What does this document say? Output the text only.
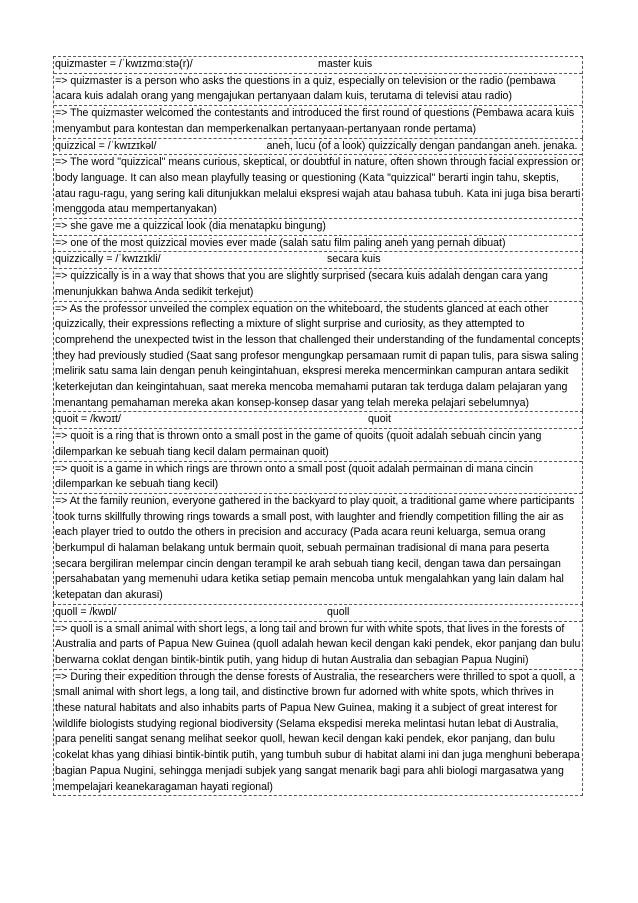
quizmaster = /ˈkwɪzmɑːstə(r)/	master kuis

=> quizmaster is a person who asks the questions in a quiz, especially on television or the radio (pembawa acara kuis adalah orang yang mengajukan pertanyaan dalam kuis, terutama di televisi atau radio)

=> The quizmaster welcomed the contestants and introduced the first round of questions (Pembawa acara kuis menyambut para kontestan dan memperkenalkan pertanyaan-pertanyaan ronde pertama)

quizzical = /ˈkwɪzɪkəl/	aneh, lucu (of a look) quizzically dengan pandangan aneh. jenaka.

=> The word "quizzical" means curious, skeptical, or doubtful in nature, often shown through facial expression or body language. It can also mean playfully teasing or questioning (Kata "quizzical" berarti ingin tahu, skeptis, atau ragu-ragu, yang sering kali ditunjukkan melalui ekspresi wajah atau bahasa tubuh. Kata ini juga bisa berarti menggoda atau mempertanyakan)

=> she gave me a quizzical look (dia menatapku bingung)

=> one of the most quizzical movies ever made (salah satu film paling aneh yang pernah dibuat)

quizzically = /ˈkwɪzɪkli/	secara kuis

=> quizzically is in a way that shows that you are slightly surprised (secara kuis adalah dengan cara yang menunjukkan bahwa Anda sedikit terkejut)

=> As the professor unveiled the complex equation on the whiteboard, the students glanced at each other quizzically, their expressions reflecting a mixture of slight surprise and curiosity, as they attempted to comprehend the unexpected twist in the lesson that challenged their understanding of the fundamental concepts they had previously studied (Saat sang profesor mengungkap persamaan rumit di papan tulis, para siswa saling melirik satu sama lain dengan penuh keingintahuan, ekspresi mereka mencerminkan campuran antara sedikit keterkejutan dan keingintahuan, saat mereka mencoba memahami putaran tak terduga dalam pelajaran yang menantang pemahaman mereka akan konsep-konsep dasar yang telah mereka pelajari sebelumnya)

quoit = /kwɔɪt/	quoit

=> quoit is a ring that is thrown onto a small post in the game of quoits (quoit adalah sebuah cincin yang dilemparkan ke sebuah tiang kecil dalam permainan quoit)

=> quoit is a game in which rings are thrown onto a small post (quoit adalah permainan di mana cincin dilemparkan ke sebuah tiang kecil)

=> At the family reunion, everyone gathered in the backyard to play quoit, a traditional game where participants took turns skillfully throwing rings towards a small post, with laughter and friendly competition filling the air as each player tried to outdo the others in precision and accuracy (Pada acara reuni keluarga, semua orang berkumpul di halaman belakang untuk bermain quoit, sebuah permainan tradisional di mana para peserta secara bergiliran melempar cincin dengan terampil ke arah sebuah tiang kecil, dengan tawa dan persaingan persahabatan yang memenuhi udara ketika setiap pemain mencoba untuk mengalahkan yang lain dalam hal ketepatan dan akurasi)

quoll = /kwɒl/	quoll

=> quoll is a small animal with short legs, a long tail and brown fur with white spots, that lives in the forests of Australia and parts of Papua New Guinea (quoll adalah hewan kecil dengan kaki pendek, ekor panjang dan bulu berwarna coklat dengan bintik-bintik putih, yang hidup di hutan Australia dan sebagian Papua Nugini)

=> During their expedition through the dense forests of Australia, the researchers were thrilled to spot a quoll, a small animal with short legs, a long tail, and distinctive brown fur adorned with white spots, which thrives in these natural habitats and also inhabits parts of Papua New Guinea, making it a subject of great interest for wildlife biologists studying regional biodiversity (Selama ekspedisi mereka melintasi hutan lebat di Australia, para peneliti sangat senang melihat seekor quoll, hewan kecil dengan kaki pendek, ekor panjang, dan bulu cokelat khas yang dihiasi bintik-bintik putih, yang tumbuh subur di habitat alami ini dan juga menghuni beberapa bagian Papua Nugini, sehingga menjadi subjek yang sangat menarik bagi para ahli biologi margasatwa yang mempelajari keanekaragaman hayati regional)
